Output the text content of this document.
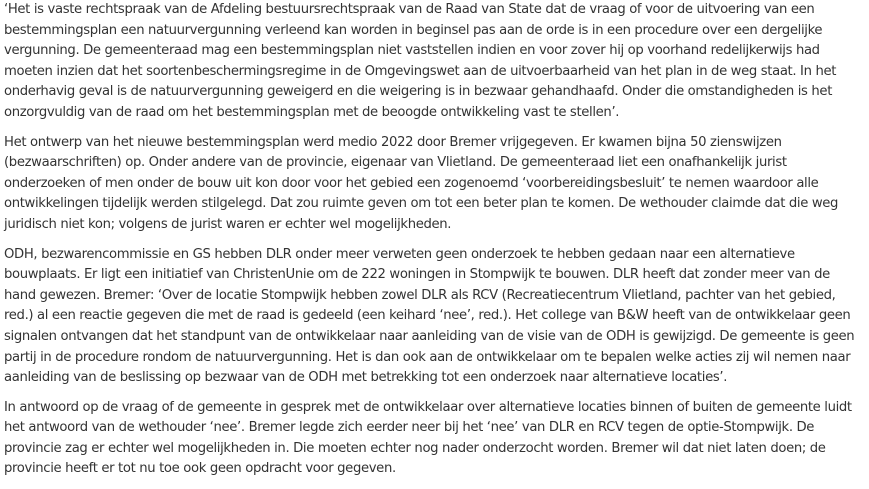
‘Het is vaste rechtspraak van de Afdeling bestuursrechtspraak van de Raad van State dat de vraag of voor de uitvoering van een bestemmingsplan een natuurvergunning verleend kan worden in beginsel pas aan de orde is in een procedure over een dergelijke vergunning. De gemeenteraad mag een bestemmingsplan niet vaststellen indien en voor zover hij op voorhand redelijkerwijs had moeten inzien dat het soortenbeschermingsregime in de Omgevingswet aan de uitvoerbaarheid van het plan in de weg staat. In het onderhavig geval is de natuurvergunning geweigerd en die weigering is in bezwaar gehandhaafd. Onder die omstandigheden is het onzorgvuldig van de raad om het bestemmingsplan met de beoogde ontwikkeling vast te stellen’.

Het ontwerp van het nieuwe bestemmingsplan werd medio 2022 door Bremer vrijgegeven. Er kwamen bijna 50 zienswijzen (bezwaarschriften) op. Onder andere van de provincie, eigenaar van Vlietland. De gemeenteraad liet een onafhankelijk jurist onderzoeken of men onder de bouw uit kon door voor het gebied een zogenoemd ‘voorbereidingsbesluit’ te nemen waardoor alle ontwikkelingen tijdelijk werden stilgelegd. Dat zou ruimte geven om tot een beter plan te komen. De wethouder claimde dat die weg juridisch niet kon; volgens de jurist waren er echter wel mogelijkheden.

ODH, bezwarencommissie en GS hebben DLR onder meer verweten geen onderzoek te hebben gedaan naar een alternatieve bouwplaats. Er ligt een initiatief van ChristenUnie om de 222 woningen in Stompwijk te bouwen. DLR heeft dat zonder meer van de hand gewezen. Bremer: ‘Over de locatie Stompwijk hebben zowel DLR als RCV (Recreatiecentrum Vlietland, pachter van het gebied, red.) al een reactie gegeven die met de raad is gedeeld (een keihard ‘nee’, red.). Het college van B&W heeft van de ontwikkelaar geen signalen ontvangen dat het standpunt van de ontwikkelaar naar aanleiding van de visie van de ODH is gewijzigd. De gemeente is geen partij in de procedure rondom de natuurvergunning. Het is dan ook aan de ontwikkelaar om te bepalen welke acties zij wil nemen naar aanleiding van de beslissing op bezwaar van de ODH met betrekking tot een onderzoek naar alternatieve locaties’.

In antwoord op de vraag of de gemeente in gesprek met de ontwikkelaar over alternatieve locaties binnen of buiten de gemeente luidt het antwoord van de wethouder ‘nee’. Bremer legde zich eerder neer bij het ‘nee’ van DLR en RCV tegen de optie-Stompwijk. De provincie zag er echter wel mogelijkheden in. Die moeten echter nog nader onderzocht worden. Bremer wil dat niet laten doen; de provincie heeft er tot nu toe ook geen opdracht voor gegeven.
